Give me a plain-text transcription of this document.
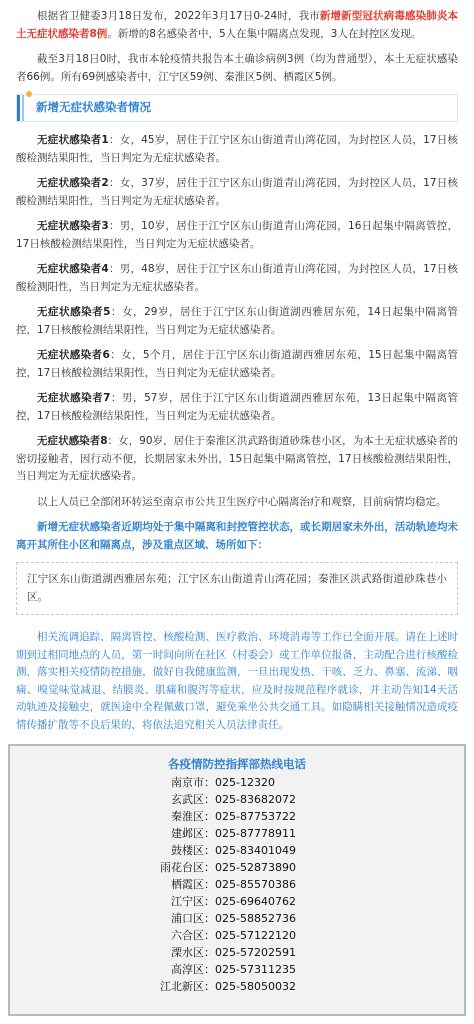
根据省卫健委3月18日发布，2022年3月17日0-24时，我市新增新型冠状病毒感染肺炎本土无症状感染者8例。新增的8名感染者中，5人在集中隔离点发现，3人在封控区发现。

截至3月18日0时，我市本轮疫情共报告本土确诊病例3例（均为普通型），本土无症状感染者66例。所有69例感染者中，江宁区59例、秦淮区5例、栖霞区5例。

新增无症状感染者情况

无症状感染者1：女，45岁，居住于江宁区东山街道青山湾花园，为封控区人员，17日核酸检测结果阳性，当日判定为无症状感染者。

无症状感染者2：女，37岁，居住于江宁区东山街道青山湾花园，为封控区人员，17日核酸检测结果阳性，当日判定为无症状感染者。

无症状感染者3：男，10岁，居住于江宁区东山街道青山湾花园，16日起集中隔离管控，17日核酸检测结果阳性，当日判定为无症状感染者。

无症状感染者4：男，48岁，居住于江宁区东山街道青山湾花园，为封控区人员，17日核酸检测阳性，当日判定为无症状感染者。

无症状感染者5：女，29岁，居住于江宁区东山街道湖西雅居东苑，14日起集中隔离管控，17日核酸检测结果阳性，当日判定为无症状感染者。

无症状感染者6：女，5个月，居住于江宁区东山街道湖西雅居东苑，15日起集中隔离管控，17日核酸检测结果阳性，当日判定为无症状感染者。

无症状感染者7：男，57岁，居住于江宁区东山街道湖西雅居东苑，13日起集中隔离管控，17日核酸检测结果阳性，当日判定为无症状感染者。

无症状感染者8：女，90岁，居住于秦淮区洪武路街道砂珠巷小区，为本土无症状感染者的密切接触者，因行动不便，长期居家未外出，15日起集中隔离管控，17日核酸检测结果阳性，当日判定为无症状感染者。

以上人员已全部闭环转运至南京市公共卫生医疗中心隔离治疗和观察，目前病情均稳定。

新增无症状感染者近期均处于集中隔离和封控管控状态，或长期居家未外出，活动轨迹均未离开其所住小区和隔离点，涉及重点区域、场所如下：

江宁区东山街道湖西雅居东苑；江宁区东山街道青山湾花园；秦淮区洪武路街道砂珠巷小区。

相关流调追踪、隔离管控、核酸检测、医疗救治、环境消毒等工作已全面开展。请在上述时期到过相同地点的人员，第一时间向所在社区（村委会）或工作单位报备，主动配合进行核酸检测，落实相关疫情防控措施，做好自我健康监测，一旦出现发热、干咳、乏力、鼻塞、流涕、咽痛、嗅觉味觉减退、结膜炎、肌痛和腹泻等症状，应及时按规范程序就诊，并主动告知14天活动轨迹及接触史，就医途中全程佩戴口罩，避免乘坐公共交通工具。如隐瞒相关接触情况造成疫情传播扩散等不良后果的，将依法追究相关人员法律责任。

各疫情防控指挥部热线电话
南京市：025-12320
玄武区：025-83682072
秦淮区：025-87753722
建邺区：025-87778911
鼓楼区：025-83401049
雨花台区：025-52873890
栖霞区：025-85570386
江宁区：025-69640762
浦口区：025-58852736
六合区：025-57122120
溧水区：025-57202591
高淳区：025-57311235
江北新区：025-58050032
